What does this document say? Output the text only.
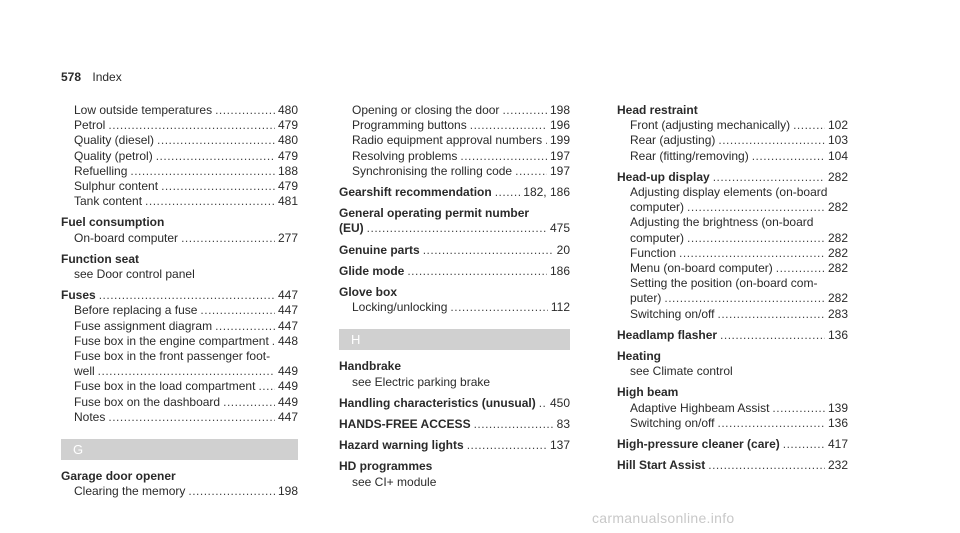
578 Index
Low outside temperatures .....	480
Petrol .....	479
Quality (diesel) .....	480
Quality (petrol) .....	479
Refuelling .....	188
Sulphur content .....	479
Tank content .....	481
Fuel consumption
On-board computer .....	277
Function seat
see Door control panel
Fuses .....	447
Before replacing a fuse .....	447
Fuse assignment diagram .....	447
Fuse box in the engine compartment ..... 448
Fuse box in the front passenger foot-
well .....	449
Fuse box in the load compartment ..... 449
Fuse box on the dashboard .....	449
Notes .....	447
G
Garage door opener
Clearing the memory .....	198
Opening or closing the door .....	198
Programming buttons .....	196
Radio equipment approval numbers ..... 199
Resolving problems .....	197
Synchronising the rolling code .....	197
Gearshift recommendation .....	182, 186
General operating permit number
(EU) .....	475
Genuine parts .....	20
Glide mode .....	186
Glove box
Locking/unlocking .....	112
H
Handbrake
see Electric parking brake
Handling characteristics (unusual) ..... 450
HANDS-FREE ACCESS .....	83
Hazard warning lights .....	137
HD programmes
see CI+ module
Head restraint
Front (adjusting mechanically) .....	102
Rear (adjusting) .....	103
Rear (fitting/removing) .....	104
Head-up display .....	282
Adjusting display elements (on-board
computer) .....	282
Adjusting the brightness (on-board
computer) .....	282
Function .....	282
Menu (on-board computer) .....	282
Setting the position (on-board com-
puter) .....	282
Switching on/off .....	283
Headlamp flasher .....	136
Heating
see Climate control
High beam
Adaptive Highbeam Assist .....	139
Switching on/off .....	136
High-pressure cleaner (care) .....	417
Hill Start Assist .....	232
carmanualsonline.info
